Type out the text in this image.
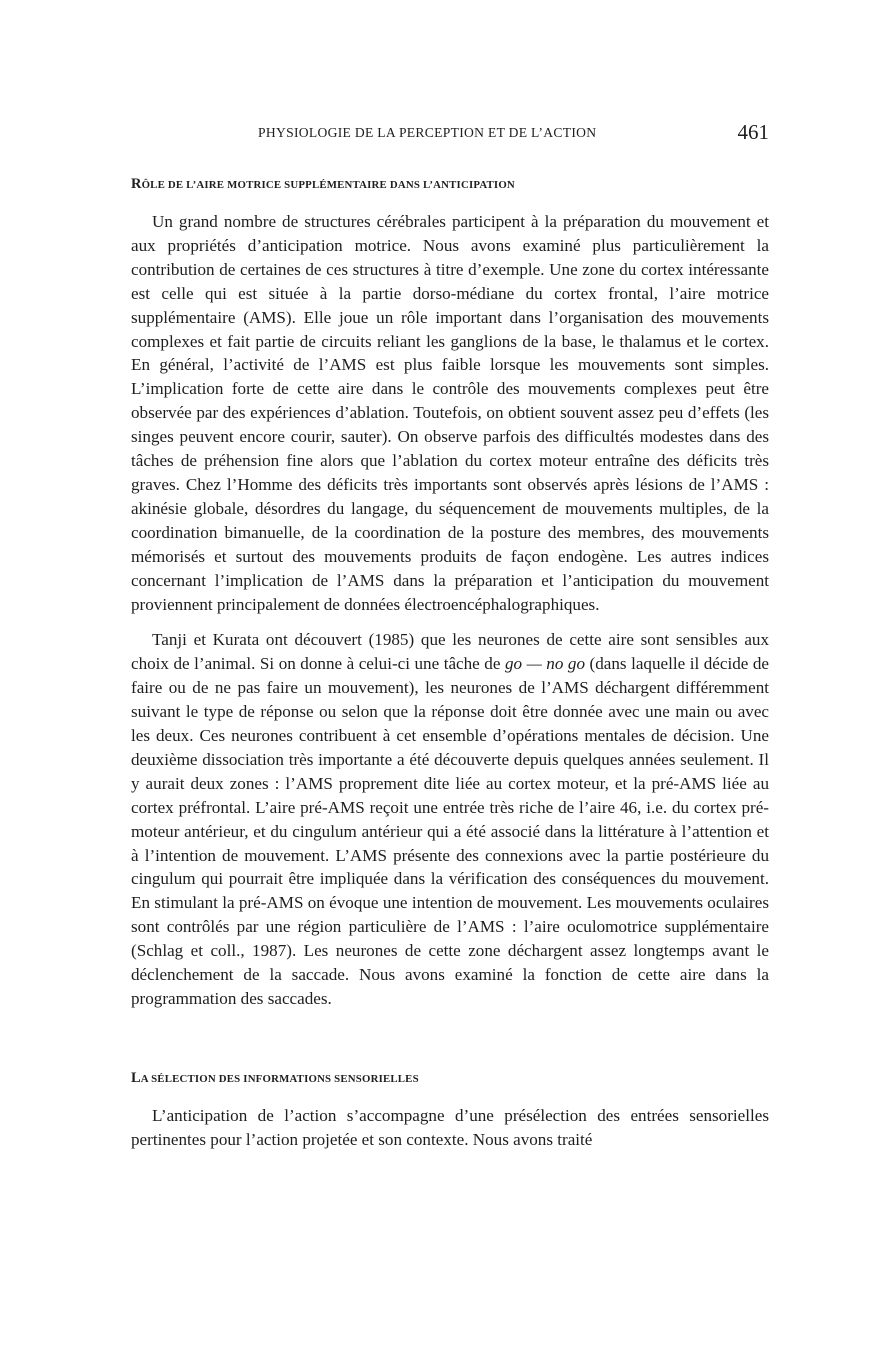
PHYSIOLOGIE DE LA PERCEPTION ET DE L’ACTION	461
RÔLE DE L’AIRE MOTRICE SUPPLÉMENTAIRE DANS L’ANTICIPATION

Un grand nombre de structures cérébrales participent à la préparation du mouvement et aux propriétés d’anticipation motrice. Nous avons examiné plus particulièrement la contribution de certaines de ces structures à titre d’exemple. Une zone du cortex intéressante est celle qui est située à la partie dorso-médiane du cortex frontal, l’aire motrice supplémentaire (AMS). Elle joue un rôle important dans l’organisation des mouvements complexes et fait partie de circuits reliant les ganglions de la base, le thalamus et le cortex. En général, l’activité de l’AMS est plus faible lorsque les mouvements sont simples. L’implication forte de cette aire dans le contrôle des mouvements complexes peut être observée par des expériences d’ablation. Toutefois, on obtient souvent assez peu d’effets (les singes peuvent encore courir, sauter). On observe parfois des difficultés modestes dans des tâches de préhension fine alors que l’ablation du cortex moteur entraîne des déficits très graves. Chez l’Homme des déficits très importants sont observés après lésions de l’AMS : akinésie globale, désordres du langage, du séquencement de mouvements multiples, de la coordination bimanuelle, de la coordination de la posture des membres, des mouvements mémorisés et surtout des mouvements produits de façon endogène. Les autres indices concernant l’implication de l’AMS dans la préparation et l’anticipation du mouvement proviennent principalement de données électroencéphalographiques.

Tanji et Kurata ont découvert (1985) que les neurones de cette aire sont sensibles aux choix de l’animal. Si on donne à celui-ci une tâche de go — no go (dans laquelle il décide de faire ou de ne pas faire un mouvement), les neurones de l’AMS déchargent différemment suivant le type de réponse ou selon que la réponse doit être donnée avec une main ou avec les deux. Ces neurones contribuent à cet ensemble d’opérations mentales de décision. Une deuxième dissociation très importante a été découverte depuis quelques années seulement. Il y aurait deux zones : l’AMS proprement dite liée au cortex moteur, et la pré-AMS liée au cortex préfrontal. L’aire pré-AMS reçoit une entrée très riche de l’aire 46, i.e. du cortex pré-moteur antérieur, et du cingulum antérieur qui a été associé dans la littérature à l’attention et à l’intention de mouvement. L’AMS présente des connexions avec la partie postérieure du cingulum qui pourrait être impliquée dans la vérification des conséquences du mouvement. En stimulant la pré-AMS on évoque une intention de mouvement. Les mouvements oculaires sont contrôlés par une région particulière de l’AMS : l’aire oculomotrice supplémentaire (Schlag et coll., 1987). Les neurones de cette zone déchargent assez longtemps avant le déclenchement de la saccade. Nous avons examiné la fonction de cette aire dans la programmation des saccades.

LA SÉLECTION DES INFORMATIONS SENSORIELLES

L’anticipation de l’action s’accompagne d’une présélection des entrées sensorielles pertinentes pour l’action projetée et son contexte. Nous avons traité
